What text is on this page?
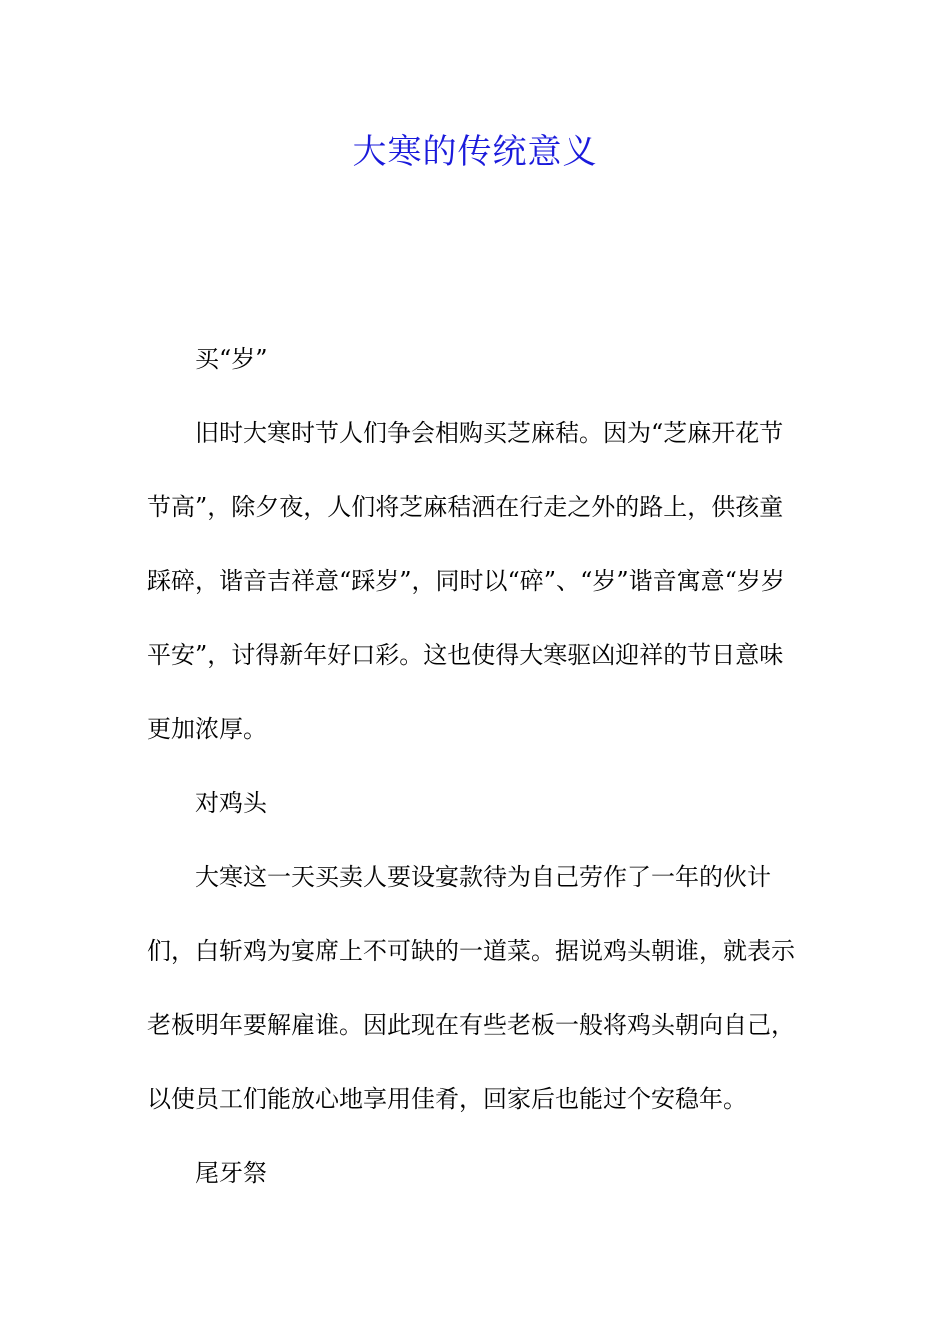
大寒的传统意义

买“岁”

旧时大寒时节人们争会相购买芝麻秸。因为“芝麻开花节节高”，除夕夜，人们将芝麻秸洒在行走之外的路上，供孩童踩碎，谐音吉祥意“踩岁”，同时以“碎”、“岁”谐音寓意“岁岁平安”，讨得新年好口彩。这也使得大寒驱凶迎祥的节日意味更加浓厚。

对鸡头

大寒这一天买卖人要设宴款待为自己劳作了一年的伙计们，白斩鸡为宴席上不可缺的一道菜。据说鸡头朝谁，就表示老板明年要解雇谁。因此现在有些老板一般将鸡头朝向自己，以使员工们能放心地享用佳肴，回家后也能过个安稳年。

尾牙祭
